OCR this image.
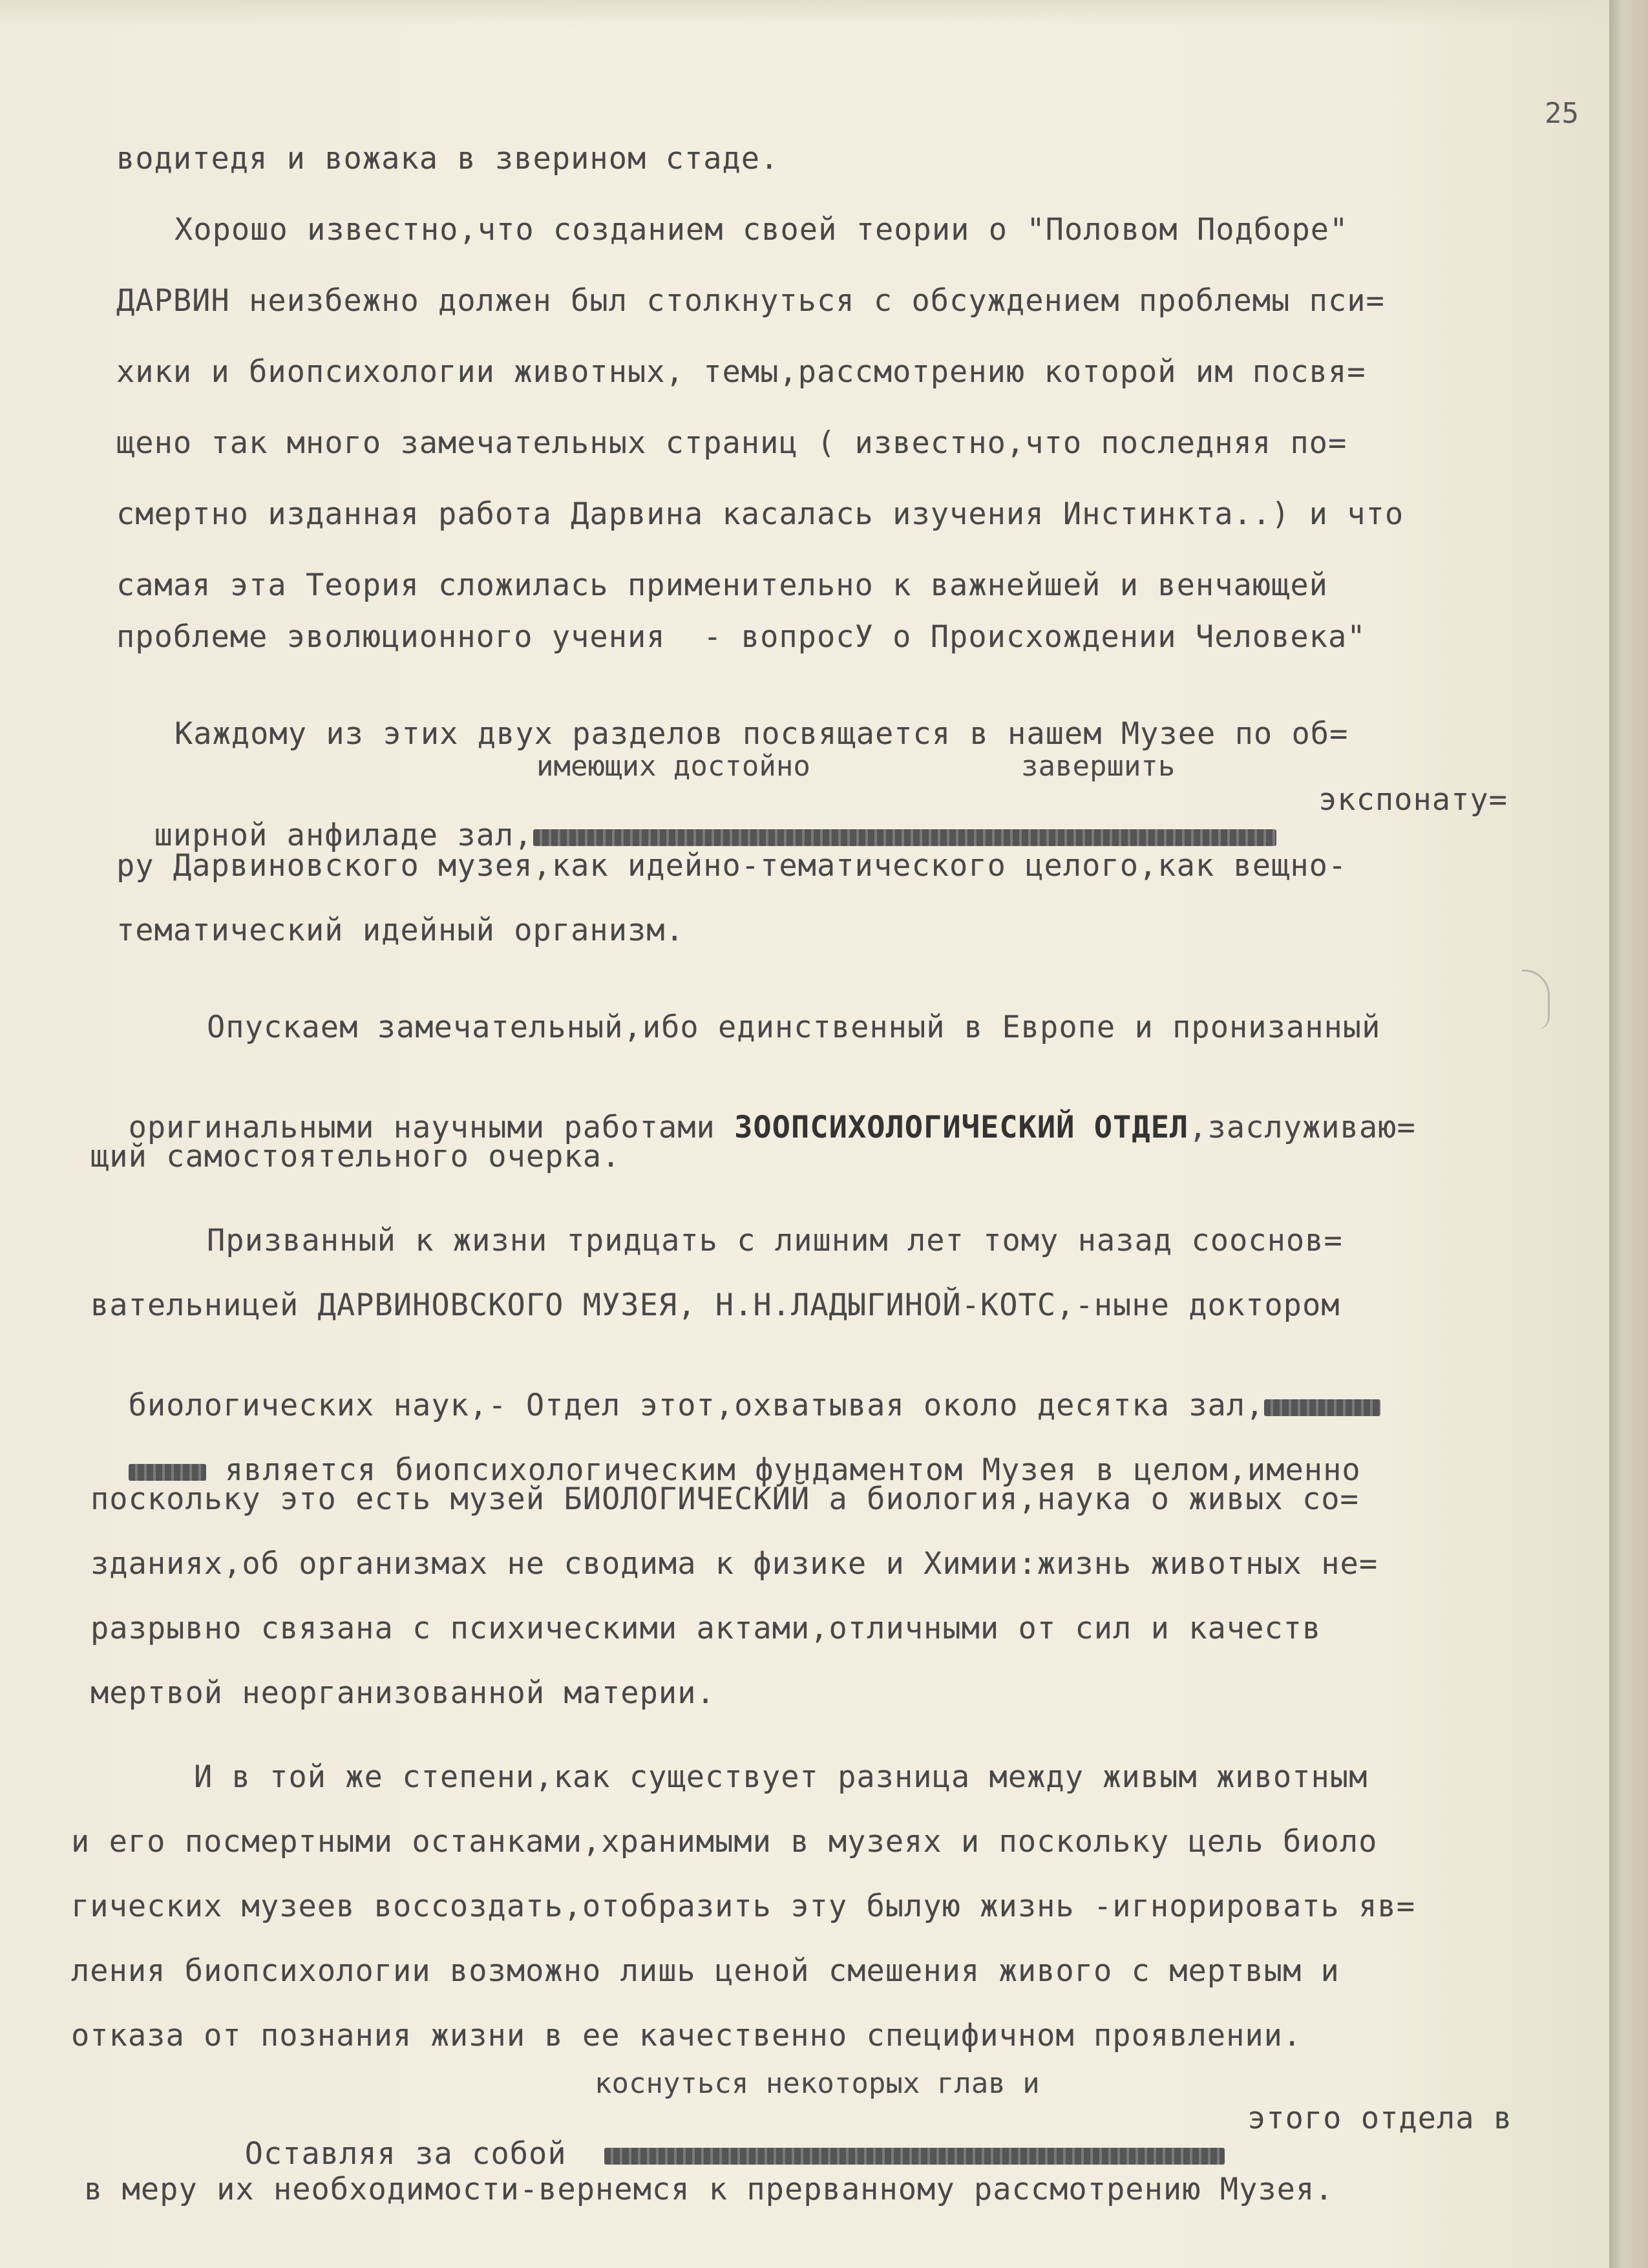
25
водитедя и вожака в зверином стаде.
Хорошо известно,что созданием своей теории о "Половом Подборе"
ДАРВИН неизбежно должен был столкнуться с обсуждением проблемы пси=
хики и биопсихологии животных, темы,рассмотрению которой им посвя=
щено так много замечательных страниц ( известно,что последняя по=
смертно изданная работа Дарвина касалась изучения Инстинкта..) и что
самая эта Теория сложилась применительно к важнейшей и венчающей
проблеме эволюционного учения  - вопросУ о Происхождении Человека"
Каждому из этих двух разделов посвящается в нашем Музее по об=
имеющих достойно	завершить

ширной анфиладе зал,

экспонату=
ру Дарвиновского музея,как идейно-тематического целого,как вещно-
тематический идейный организм.
Опускаем замечательный,ибо единственный в Европе и пронизанный

оригинальными научными работами ЗООПСИХОЛОГИЧЕСКИЙ ОТДЕЛ,заслуживаю=

щий самостоятельного очерка.
Призванный к жизни тридцать с лишним лет тому назад сооснов=
вательницей ДАРВИНОВСКОГО МУЗЕЯ, Н.Н.ЛАДЫГИНОЙ-КОТС,-ныне доктором

биологических наук,- Отдел этот,охватывая около десятка зал,

является биопсихологическим фундаментом Музея в целом,именно

поскольку это есть музей БИОЛОГИЧЕСКИЙ а биология,наука о живых со=
зданиях,об организмах не сводима к физике и Химии:жизнь животных не=
разрывно связана с психическими актами,отличными от сил и качеств
мертвой неорганизованной материи.
И в той же степени,как существует разница между живым животным
и его посмертными останками,хранимыми в музеях и поскольку цель биоло
гических музеев воссоздать,отобразить эту былую жизнь -игнорировать яв=
ления биопсихологии возможно лишь ценой смешения живого с мертвым и
отказа от познания жизни в ее качественно специфичном проявлении.
коснуться некоторых глав и

Оставляя за собой

этого отдела в
в меру их необходимости-вернемся к прерванному рассмотрению Музея.
